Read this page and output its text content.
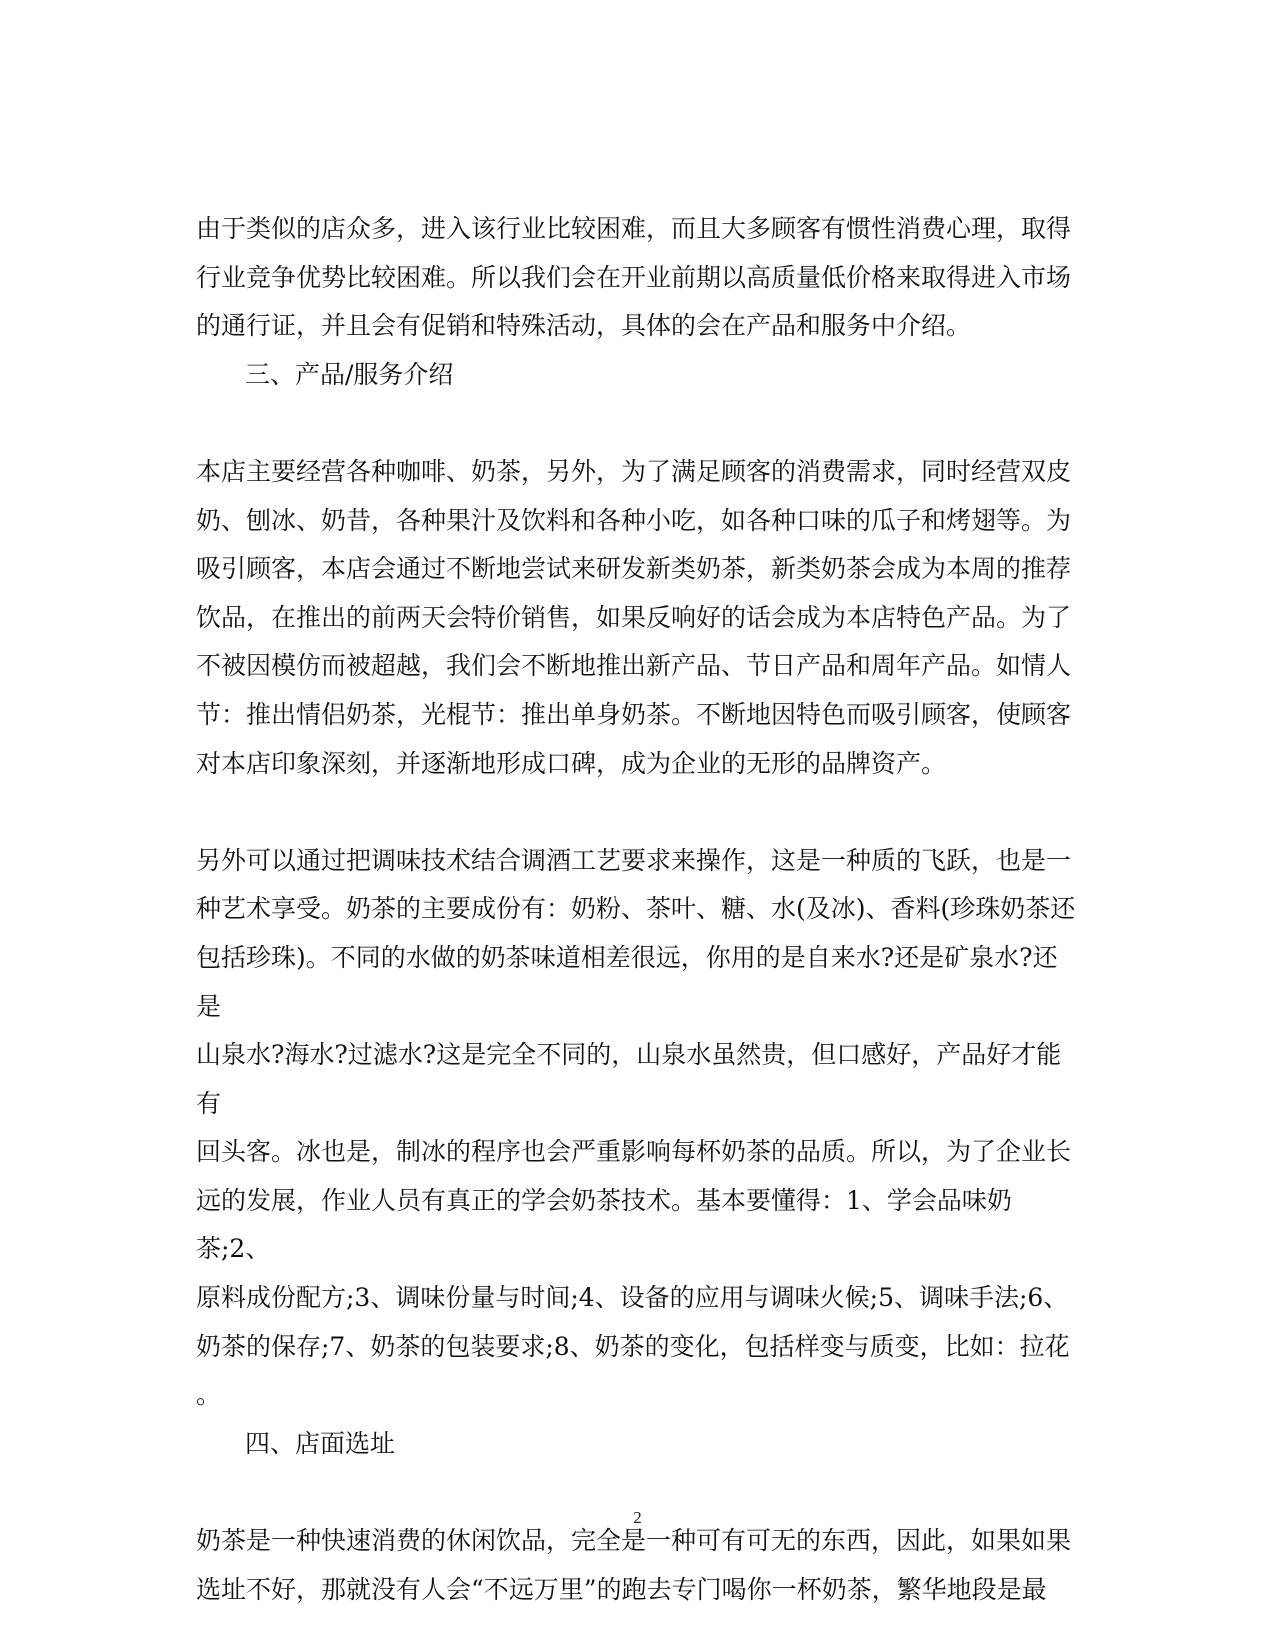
由于类似的店众多，进入该行业比较困难，而且大多顾客有惯性消费心理，取得
行业竞争优势比较困难。所以我们会在开业前期以高质量低价格来取得进入市场
的通行证，并且会有促销和特殊活动，具体的会在产品和服务中介绍。

三、产品/服务介绍

本店主要经营各种咖啡、奶茶，另外，为了满足顾客的消费需求，同时经营双皮
奶、刨冰、奶昔，各种果汁及饮料和各种小吃，如各种口味的瓜子和烤翅等。为
吸引顾客，本店会通过不断地尝试来研发新类奶茶，新类奶茶会成为本周的推荐
饮品，在推出的前两天会特价销售，如果反响好的话会成为本店特色产品。为了
不被因模仿而被超越，我们会不断地推出新产品、节日产品和周年产品。如情人
节：推出情侣奶茶，光棍节：推出单身奶茶。不断地因特色而吸引顾客，使顾客
对本店印象深刻，并逐渐地形成口碑，成为企业的无形的品牌资产。

另外可以通过把调味技术结合调酒工艺要求来操作，这是一种质的飞跃，也是一
种艺术享受。奶茶的主要成份有：奶粉、茶叶、糖、水(及冰)、香料(珍珠奶茶还
包括珍珠)。不同的水做的奶茶味道相差很远，你用的是自来水?还是矿泉水?还是
山泉水?海水?过滤水?这是完全不同的，山泉水虽然贵，但口感好，产品好才能有
回头客。冰也是，制冰的程序也会严重影响每杯奶茶的品质。所以，为了企业长
远的发展，作业人员有真正的学会奶茶技术。基本要懂得：1、学会品味奶茶;2、
原料成份配方;3、调味份量与时间;4、设备的应用与调味火候;5、调味手法;6、
奶茶的保存;7、奶茶的包装要求;8、奶茶的变化，包括样变与质变，比如：拉花
。

四、店面选址

奶茶是一种快速消费的休闲饮品，完全是一种可有可无的东西，因此，如果如果
选址不好，那就没有人会“不远万里”的跑去专门喝你一杯奶茶，繁华地段是最

2
